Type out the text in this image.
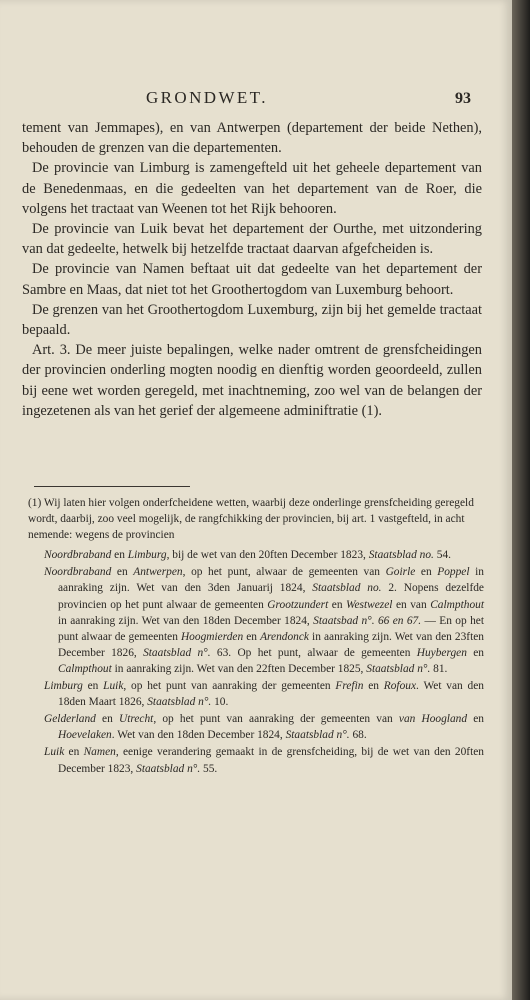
GRONDWET.	93

tement van Jemmapes), en van Antwerpen (departement der beide Nethen), behouden de grenzen van die departementen.

De provincie van Limburg is zamengefteld uit het geheele departement van de Benedenmaas, en die gedeelten van het departement van de Roer, die volgens het tractaat van Weenen tot het Rijk behooren.

De provincie van Luik bevat het departement der Ourthe, met uitzondering van dat gedeelte, hetwelk bij hetzelfde tractaat daarvan afgefcheiden is.

De provincie van Namen beftaat uit dat gedeelte van het departement der Sambre en Maas, dat niet tot het Groothertogdom van Luxemburg behoort.

De grenzen van het Groothertogdom Luxemburg, zijn bij het gemelde tractaat bepaald.

Art. 3. De meer juiste bepalingen, welke nader omtrent de grensfcheidingen der provincien onderling mogten noodig en dienftig worden geoordeeld, zullen bij eene wet worden geregeld, met inachtneming, zoo wel van de belangen der ingezetenen als van het gerief der algemeene adminiftratie (1).

(1) Wij laten hier volgen onderfcheidene wetten, waarbij deze onderlinge grensfcheiding geregeld wordt, daarbij, zoo veel mogelijk, de rangfchikking der provincien, bij art. 1 vastgefteld, in acht nemende: wegens de provincien

Noordbraband en Limburg, bij de wet van den 20ften December 1823, Staatsblad no. 54.

Noordbraband en Antwerpen, op het punt, alwaar de gemeenten van Goirle en Poppel in aanraking zijn. Wet van den 3den Januarij 1824, Staatsblad no. 2. Nopens dezelfde provincien op het punt alwaar de gemeenten Grootzundert en Westwezel en van Calmpthout in aanraking zijn. Wet van den 18den December 1824, Staatsbad n°. 66 en 67. — En op het punt alwaar de gemeenten Hoogmierden en Arendonck in aanraking zijn. Wet van den 23ften December 1826, Staatsblad n°. 63. Op het punt, alwaar de gemeenten Huybergen en Calmpthout in aanraking zijn. Wet van den 22ften December 1825, Staatsblad n°. 81.

Limburg en Luik, op het punt van aanraking der gemeenten Frefin en Rofoux. Wet van den 18den Maart 1826, Staatsblad n°. 10.

Gelderland en Utrecht, op het punt van aanraking der gemeenten van van Hoogland en Hoevelaken. Wet van den 18den December 1824, Staatsblad n°. 68.

Luik en Namen, eenige verandering gemaakt in de grensfcheiding, bij de wet van den 20ften December 1823, Staatsblad n°. 55.
